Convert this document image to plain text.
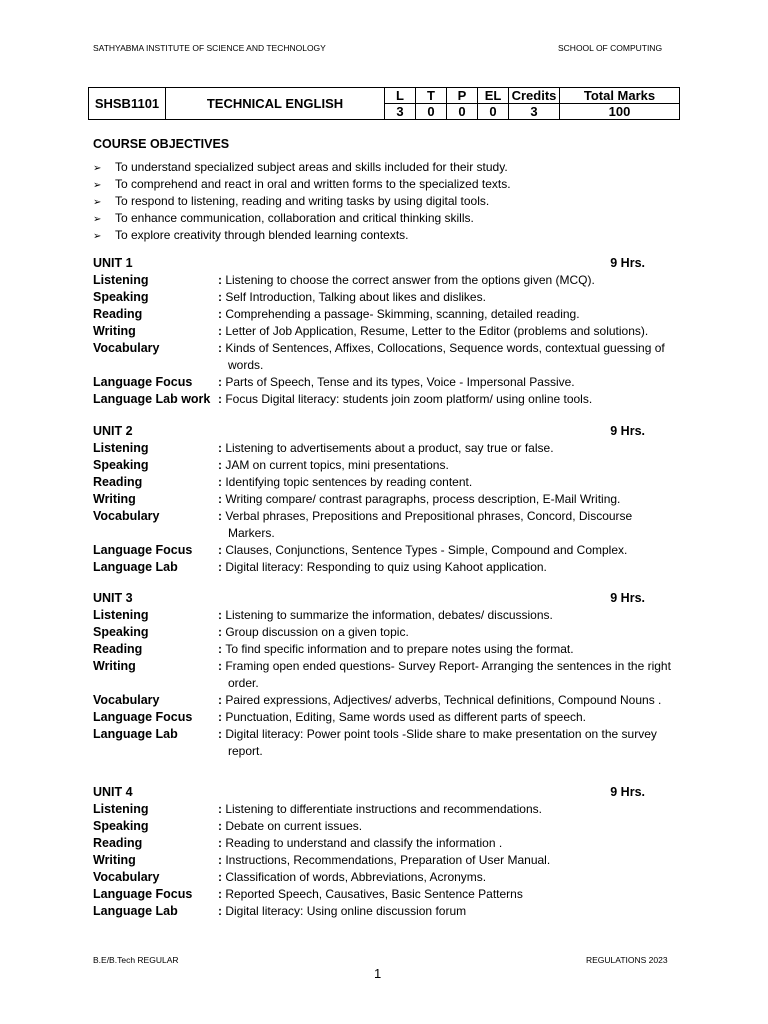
SATHYABMA INSTITUTE OF SCIENCE AND TECHNOLOGY	SCHOOL OF COMPUTING
SHSB1101	TECHNICAL ENGLISH	L	T	P	EL	Credits	Total Marks
		3	0	0	0	3	100
COURSE OBJECTIVES
➢ To understand specialized subject areas and skills included for their study.
➢ To comprehend and react in oral and written forms to the specialized texts.
➢ To respond to listening, reading and writing tasks by using digital tools.
➢ To enhance communication, collaboration and critical thinking skills.
➢ To explore creativity through blended learning contexts.
UNIT 1	9 Hrs.
Listening	: Listening to choose the correct answer from the options given (MCQ).
Speaking	: Self Introduction, Talking about likes and dislikes.
Reading	: Comprehending a passage- Skimming, scanning, detailed reading.
Writing	: Letter of Job Application, Resume, Letter to the Editor (problems and solutions).
Vocabulary	: Kinds of Sentences, Affixes, Collocations, Sequence words, contextual guessing of words.
Language Focus : Parts of Speech, Tense and its types, Voice - Impersonal Passive.
Language Lab work : Focus Digital literacy: students join zoom platform/ using online tools.
UNIT 2	9 Hrs.
Listening	: Listening to advertisements about a product, say true or false.
Speaking	: JAM on current topics, mini presentations.
Reading	: Identifying topic sentences by reading content.
Writing	: Writing compare/ contrast paragraphs, process description, E-Mail Writing.
Vocabulary	: Verbal phrases, Prepositions and Prepositional phrases, Concord, Discourse Markers.
Language Focus : Clauses, Conjunctions, Sentence Types - Simple, Compound and Complex.
Language Lab	: Digital literacy: Responding to quiz using Kahoot application.
UNIT 3	9 Hrs.
Listening	: Listening to summarize the information, debates/ discussions.
Speaking	: Group discussion on a given topic.
Reading	: To find specific information and to prepare notes using the format.
Writing	: Framing open ended questions- Survey Report- Arranging the sentences in the right order.
Vocabulary	: Paired expressions, Adjectives/ adverbs, Technical definitions, Compound Nouns .
Language Focus : Punctuation, Editing, Same words used as different parts of speech.
Language Lab	: Digital literacy: Power point tools -Slide share to make presentation on the survey report.
UNIT 4	9 Hrs.
Listening	: Listening to differentiate instructions and recommendations.
Speaking	: Debate on current issues.
Reading	: Reading to understand and classify the information .
Writing	: Instructions, Recommendations, Preparation of User Manual.
Vocabulary	: Classification of words, Abbreviations, Acronyms.
Language Focus : Reported Speech, Causatives, Basic Sentence Patterns
Language Lab	: Digital literacy: Using online discussion forum
B.E/B.Tech REGULAR	REGULATIONS 2023
1
